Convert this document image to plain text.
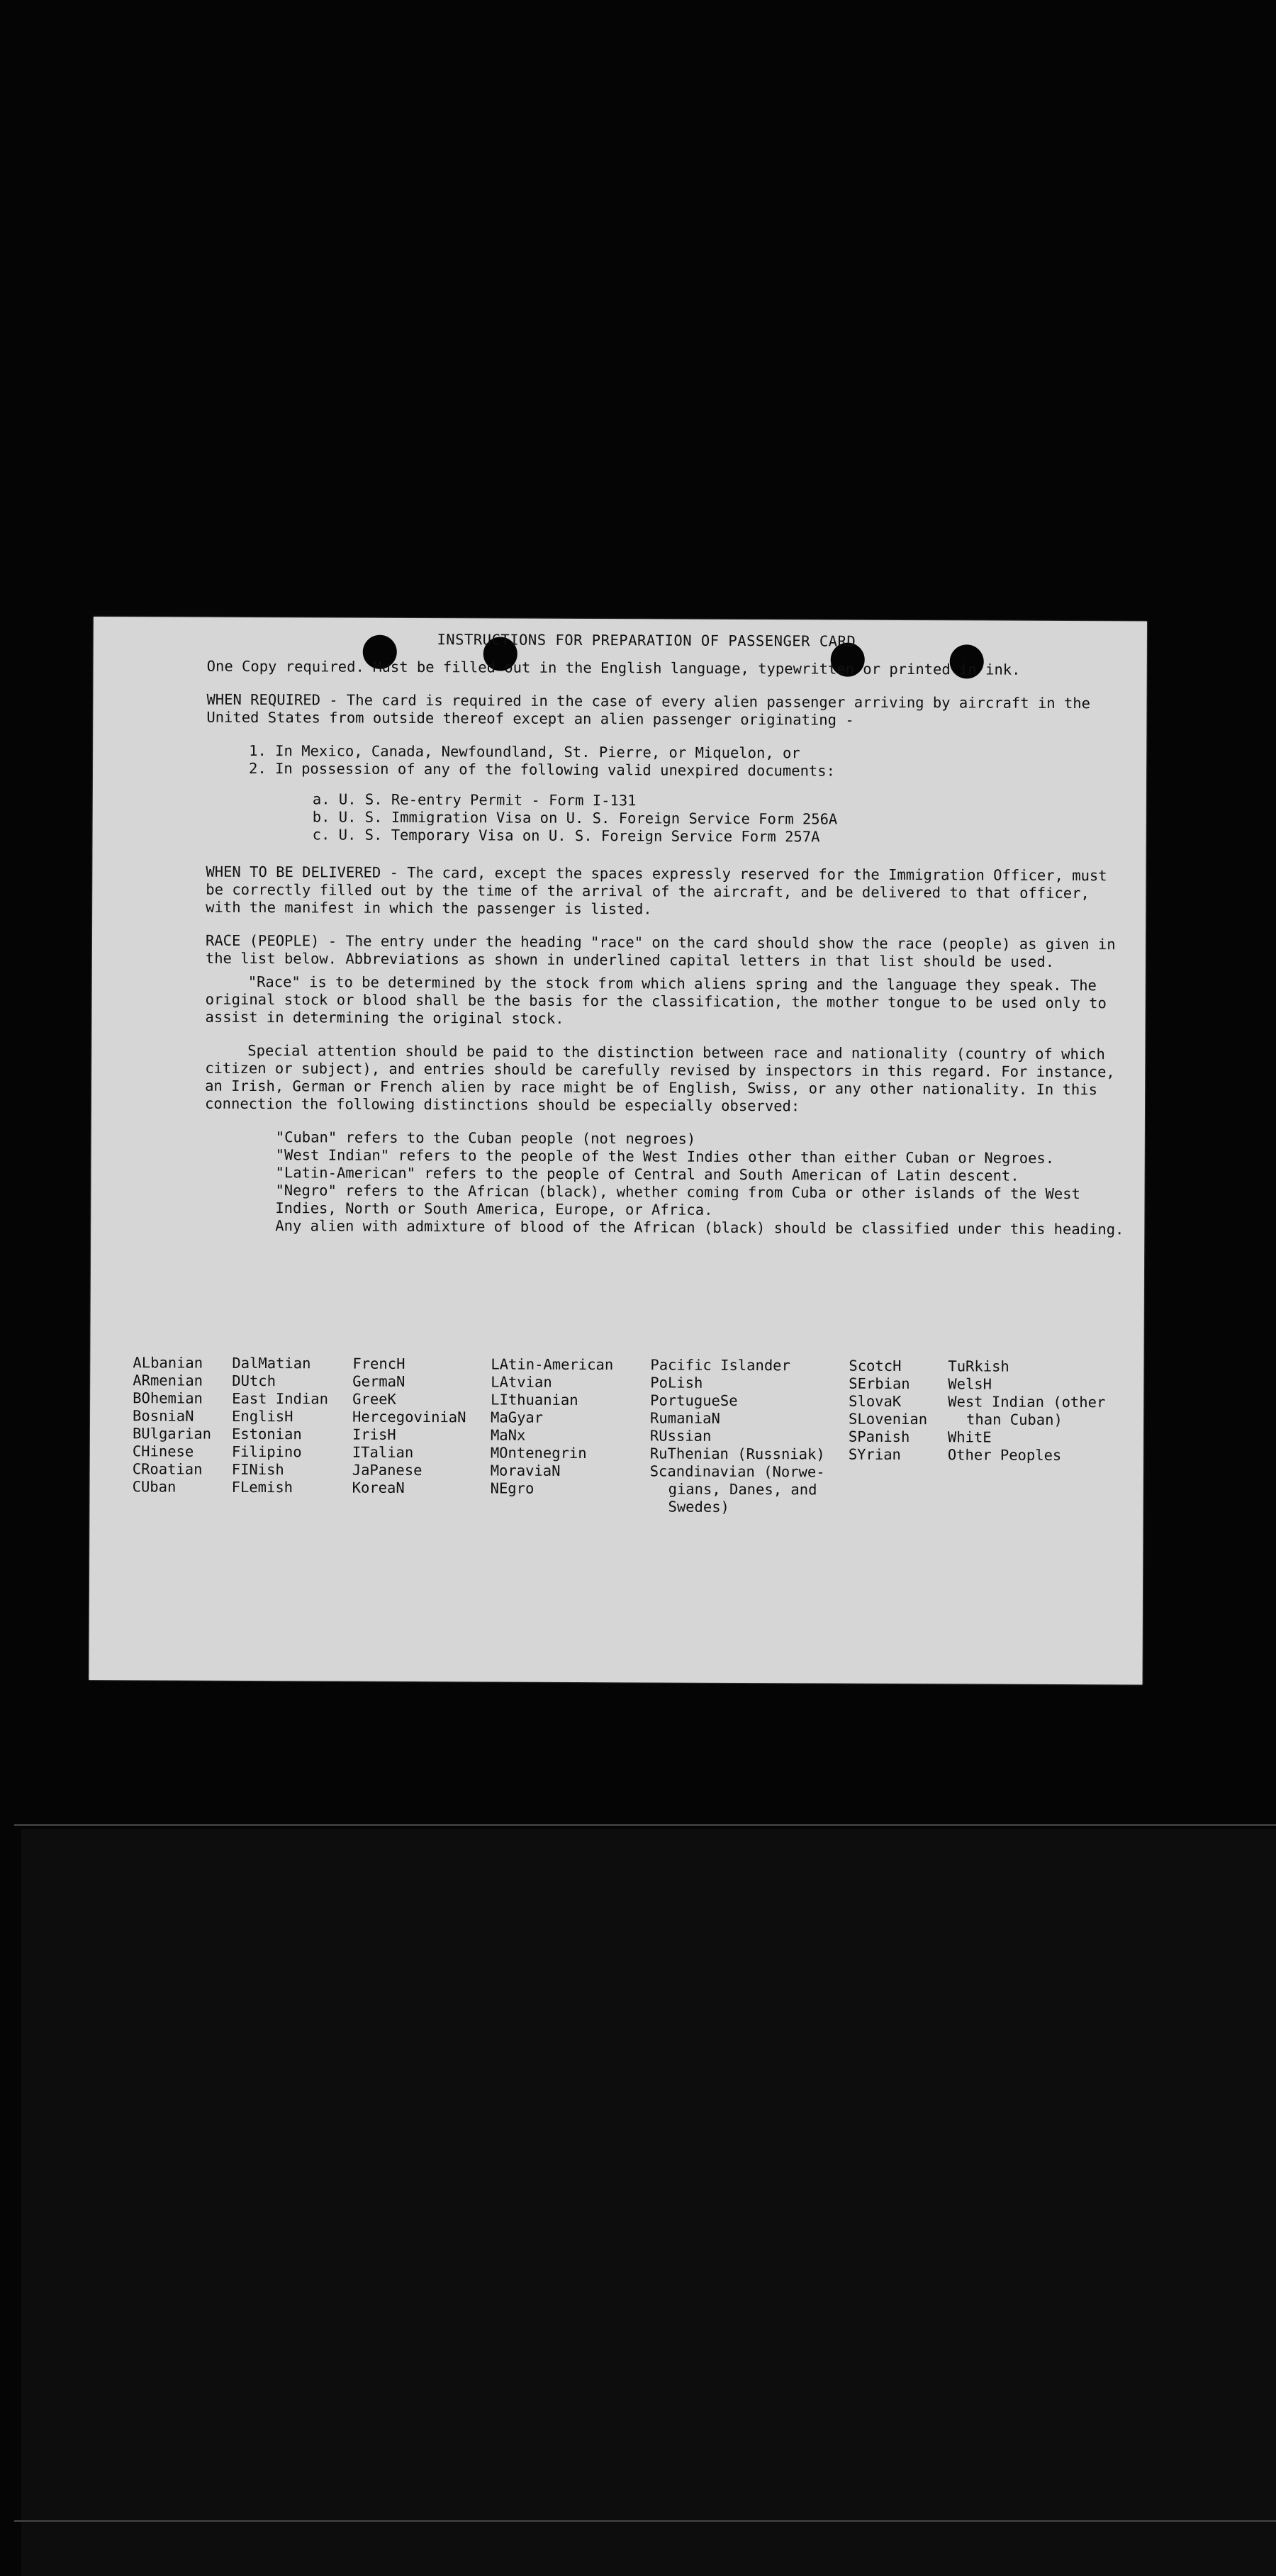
INSTRUCTIONS FOR PREPARATION OF PASSENGER CARD

One Copy required. Must be filled out in the English language, typewritten or printed in ink.

WHEN REQUIRED - The card is required in the case of every alien passenger arriving by aircraft in the United States from outside thereof except an alien passenger originating -

1. In Mexico, Canada, Newfoundland, St. Pierre, or Miquelon, or
2. In possession of any of the following valid unexpired documents:
a. U. S. Re-entry Permit - Form I-131
b. U. S. Immigration Visa on U. S. Foreign Service Form 256A
c. U. S. Temporary Visa on U. S. Foreign Service Form 257A

WHEN TO BE DELIVERED - The card, except the spaces expressly reserved for the Immigration Officer, must be correctly filled out by the time of the arrival of the aircraft, and be delivered to that officer, with the manifest in which the passenger is listed.

RACE (PEOPLE) - The entry under the heading "race" on the card should show the race (people) as given in the list below. Abbreviations as shown in underlined capital letters in that list should be used.

"Race" is to be determined by the stock from which aliens spring and the language they speak. The original stock or blood shall be the basis for the classification, the mother tongue to be used only to assist in determining the original stock.

Special attention should be paid to the distinction between race and nationality (country of which citizen or subject), and entries should be carefully revised by inspectors in this regard. For instance, an Irish, German or French alien by race might be of English, Swiss, or any other nationality. In this connection the following distinctions should be especially observed:

"Cuban" refers to the Cuban people (not negroes)
"West Indian" refers to the people of the West Indies other than either Cuban or Negroes.
"Latin-American" refers to the people of Central and South American of Latin descent.
"Negro" refers to the African (black), whether coming from Cuba or other islands of the West Indies, North or South America, Europe, or Africa.
Any alien with admixture of blood of the African (black) should be classified under this heading.
ALbanian
ARmenian
BOhemian
BosniaN
BUlgarian
CHinese
CRoatian
CUban
DalMatian
DUtch
East Indian
EnglisH
Estonian
Filipino
FINish
FLemish
FrencH
GermaN
GreeK
HercegoviniaN
IrisH
ITalian
JaPanese
KoreaN
LAtin-American
LAtvian
LIthuanian
MaGyar
MaNx
MOntenegrin
MoraviaN
NEgro
Pacific Islander
PoLish
PortugueSe
RumaniaN
RUssian
RuThenian (Russniak)
Scandinavian (Norwe-
gians, Danes, and
Swedes)
ScotcH
SErbian
SlovaK
SLovenian
SPanish
SYrian
TuRkish
WelsH
West Indian (other
than Cuban)
WhitE
Other Peoples
